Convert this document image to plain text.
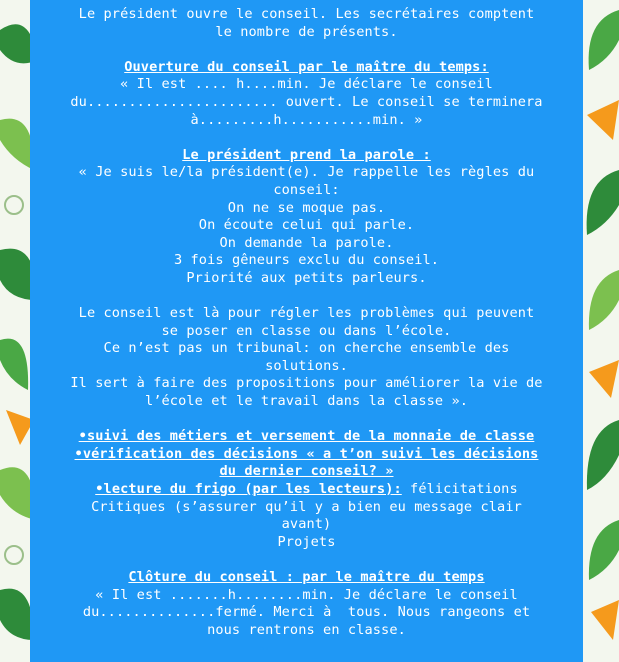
Le président ouvre le conseil. Les secrétaires comptent
le nombre de présents.
Ouverture du conseil par le maître du temps:
« Il est .... h....min. Je déclare le conseil
du....................... ouvert. Le conseil se terminera
à.........h...........min. »
Le président prend la parole :
« Je suis le/la président(e). Je rappelle les règles du
conseil:
On ne se moque pas.
On écoute celui qui parle.
On demande la parole.
3 fois gêneurs exclu du conseil.
Priorité aux petits parleurs.
Le conseil est là pour régler les problèmes qui peuvent
se poser en classe ou dans l’école.
Ce n’est pas un tribunal: on cherche ensemble des
solutions.
Il sert à faire des propositions pour améliorer la vie de
l’école et le travail dans la classe ».
•suivi des métiers et versement de la monnaie de classe
•vérification des décisions « a t’on suivi les décisions
du dernier conseil? »
•lecture du frigo (par les lecteurs): félicitations
Critiques (s’assurer qu’il y a bien eu message clair
avant)
Projets
Clôture du conseil : par le maître du temps
« Il est .......h........min. Je déclare le conseil
du..............fermé. Merci à  tous. Nous rangeons et
nous rentrons en classe.
